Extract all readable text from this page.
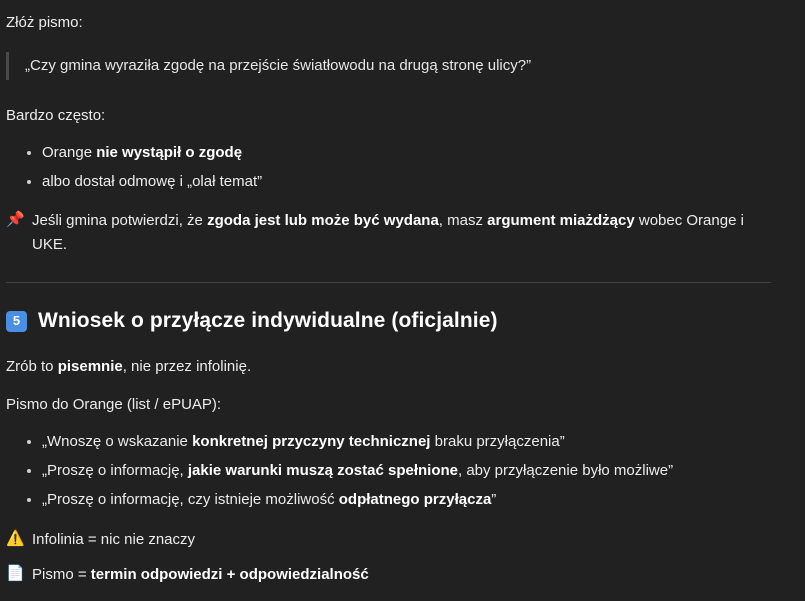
Złóż pismo:

„Czy gmina wyraziła zgodę na przejście światłowodu na drugą stronę ulicy?”

Bardzo często:

• Orange nie wystąpił o zgodę
• albo dostał odmowę i „olał temat”
📌 Jeśli gmina potwierdzi, że zgoda jest lub może być wydana, masz argument miażdżący wobec Orange i UKE.
5 Wniosek o przyłącze indywidualne (oficjalnie)

Zrób to pisemnie, nie przez infolinię.

Pismo do Orange (list / ePUAP):

• „Wnoszę o wskazanie konkretnej przyczyny technicznej braku przyłączenia”
• „Proszę o informację, jakie warunki muszą zostać spełnione, aby przyłączenie było możliwe”
• „Proszę o informację, czy istnieje możliwość odpłatnego przyłącza”
⚠️ Infolinia = nic nie znaczy
📄 Pismo = termin odpowiedzi + odpowiedzialność
